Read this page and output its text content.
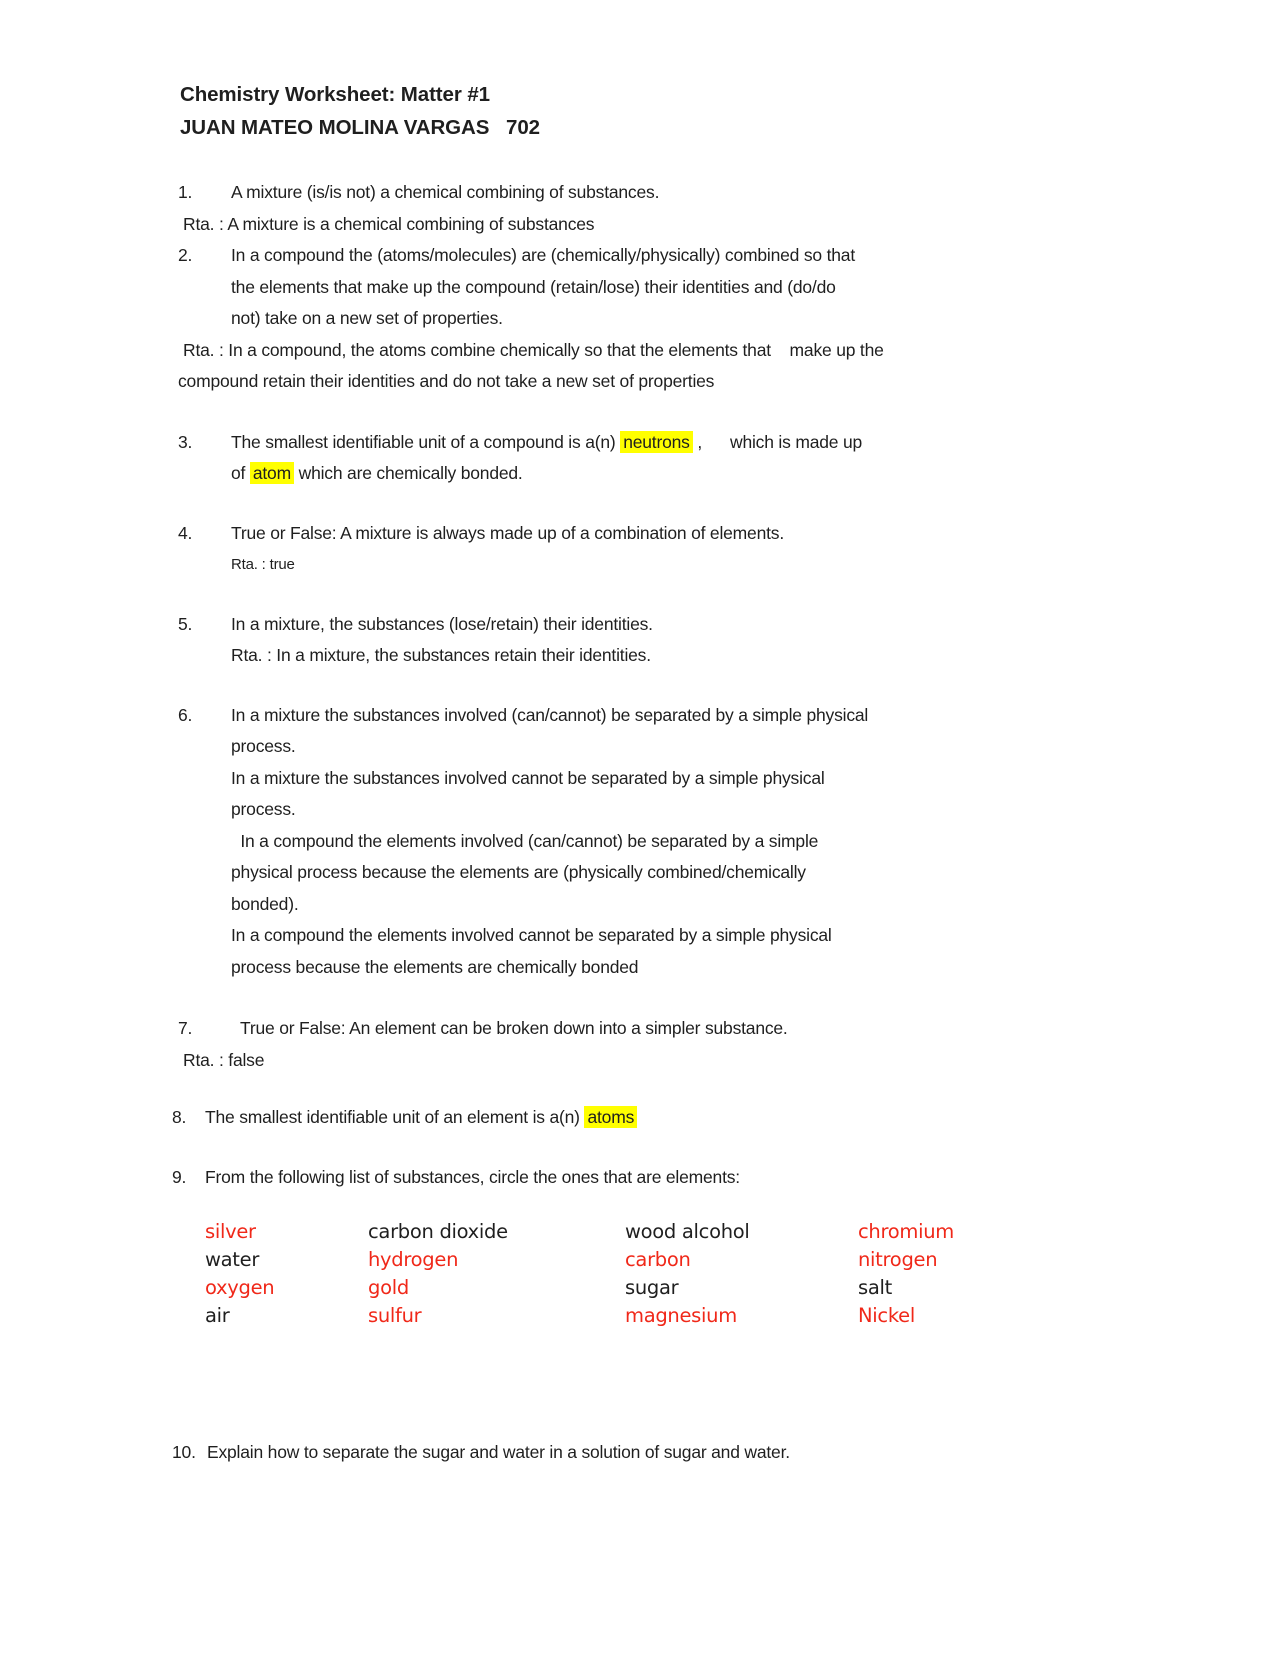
Chemistry Worksheet: Matter #1
JUAN MATEO MOLINA VARGAS   702
1.	A mixture (is/is not) a chemical combining of substances.
Rta. : A mixture is a chemical combining of substances
2.	In a compound the (atoms/molecules) are (chemically/physically) combined so that
the elements that make up the compound (retain/lose) their identities and (do/do
not) take on a new set of properties.
Rta. : In a compound, the atoms combine chemically so that the elements that    make up the
compound retain their identities and do not take a new set of properties
3.	The smallest identifiable unit of a compound is a(n) neutrons ,      which is made up
of atom which are chemically bonded.
4.	True or False: A mixture is always made up of a combination of elements.
Rta. : true
5.	In a mixture, the substances (lose/retain) their identities.
Rta. : In a mixture, the substances retain their identities.
6.	In a mixture the substances involved (can/cannot) be separated by a simple physical
process.
In a mixture the substances involved cannot be separated by a simple physical
process.
In a compound the elements involved (can/cannot) be separated by a simple
physical process because the elements are (physically combined/chemically
bonded).
In a compound the elements involved cannot be separated by a simple physical
process because the elements are chemically bonded
7.	True or False: An element can be broken down into a simpler substance.
Rta. : false
8.	The smallest identifiable unit of an element is a(n) atoms
9.	From the following list of substances, circle the ones that are elements:
silver	carbon dioxide	wood alcohol	chromium
water	hydrogen	carbon	nitrogen
oxygen	gold	sugar	salt
air	sulfur	magnesium	Nickel
10. Explain how to separate the sugar and water in a solution of sugar and water.
